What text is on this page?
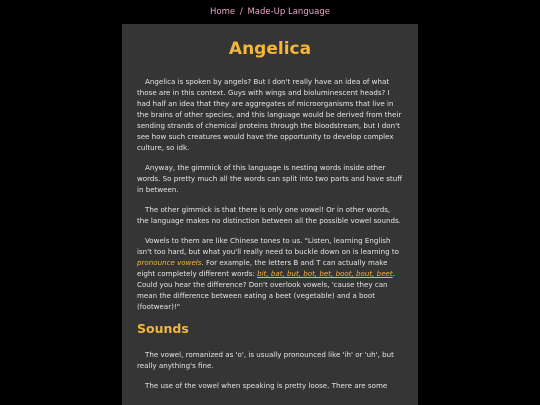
Home / Made-Up Language
Angelica

Angelica is spoken by angels? But I don't really have an idea of what those are in this context. Guys with wings and bioluminescent heads? I had half an idea that they are aggregates of microorganisms that live in the brains of other species, and this language would be derived from their sending strands of chemical proteins through the bloodstream, but I don't see how such creatures would have the opportunity to develop complex culture, so idk.

Anyway, the gimmick of this language is nesting words inside other words. So pretty much all the words can split into two parts and have stuff in between.

The other gimmick is that there is only one vowel! Or in other words, the language makes no distinction between all the possible vowel sounds.

Vowels to them are like Chinese tones to us. "Listen, learning English isn't too hard, but what you'll really need to buckle down on is learning to pronounce vowels. For example, the letters B and T can actually make eight completely different words: bit, bat, but, bot, bet, boot, bout, beet. Could you hear the difference? Don't overlook vowels, 'cause they can mean the difference between eating a beet (vegetable) and a boot (footwear)!"

Sounds

The vowel, romanized as 'o', is usually pronounced like 'ih' or 'uh', but really anything's fine.

The use of the vowel when speaking is pretty loose. There are some
